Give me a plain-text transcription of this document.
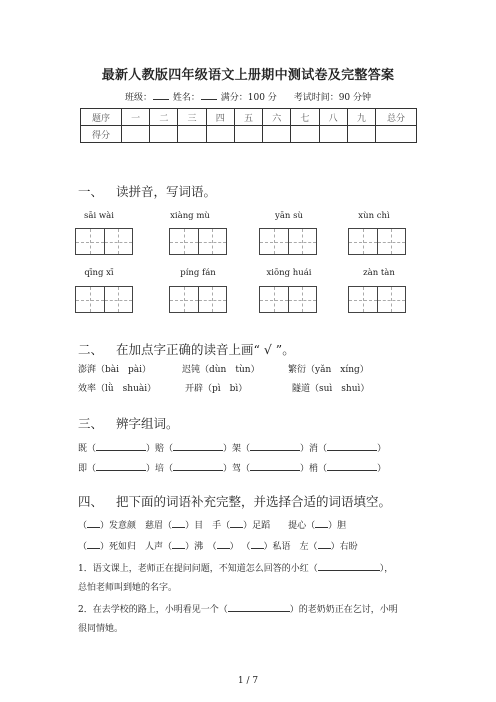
最新人教版四年级语文上册期中测试卷及完整答案
班级： 姓名： 满分：100 分 考试时间：90 分钟
题序	一	二	三	四	五	六	七	八	九	总分
得分										
一、 读拼音，写词语。
sāi wài	xiàng mù	yān sù	xùn chì
qīng xī	píng fán	xiōng huái	zàn tàn
二、 在加点字正确的读音上画“ √ ”。
澎湃（bài　pài）	迟钝（dùn　tùn）	繁衍（yǎn　xíng）
效率（lǜ　shuài）	开辟（pì　bì）	隧道（suì　shuì）
三、 辨字组词。
既（	）赔（	）架（	）消（	）
即（	）培（	）驾（	）梢（	）
四、 把下面的词语补充完整，并选择合适的词语填空。
（ ）发意颜　 慈眉（ ）目　 手（ ）足蹈　　 提心（ ）胆
（ ）死如归　 人声（ ）沸　 （ ） （ ）私语　 左（ ）右盼
1．语文课上，老师正在提问问题，不知道怎么回答的小红（	），
总怕老师叫到她的名字。
2．在去学校的路上，小明看见一个（	）的老奶奶正在乞讨，小明
很同情她。
1 / 7
